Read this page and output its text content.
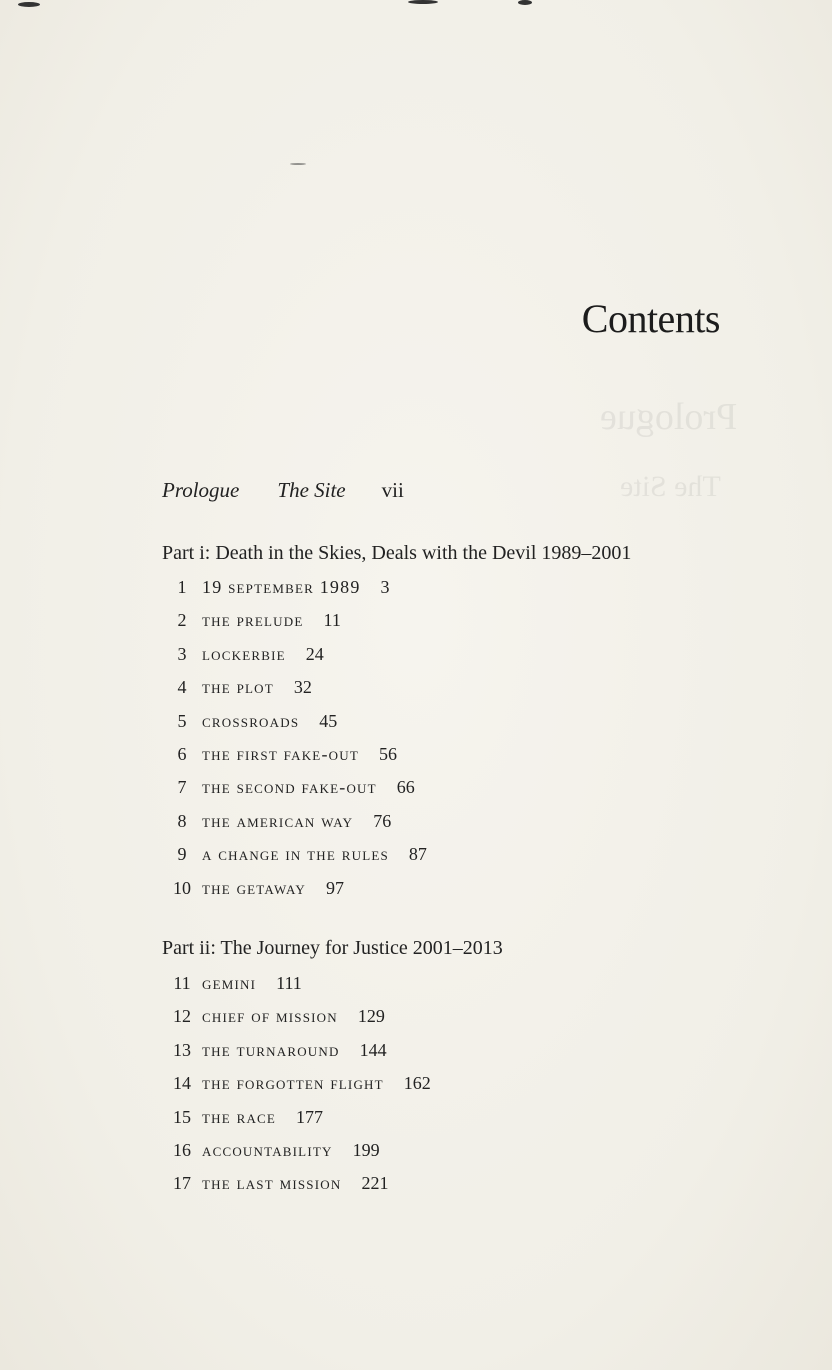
Prologue
The Site
Contents
Prologue The Site vii
Part i: Death in the Skies, Deals with the Devil 1989–2001
1 19 september 1989 3
2 the prelude 11
3 lockerbie 24
4 the plot 32
5 crossroads 45
6 the first fake-out 56
7 the second fake-out 66
8 the american way 76
9 a change in the rules 87
10 the getaway 97
Part ii: The Journey for Justice 2001–2013
11 gemini 111
12 chief of mission 129
13 the turnaround 144
14 the forgotten flight 162
15 the race 177
16 accountability 199
17 the last mission 221
